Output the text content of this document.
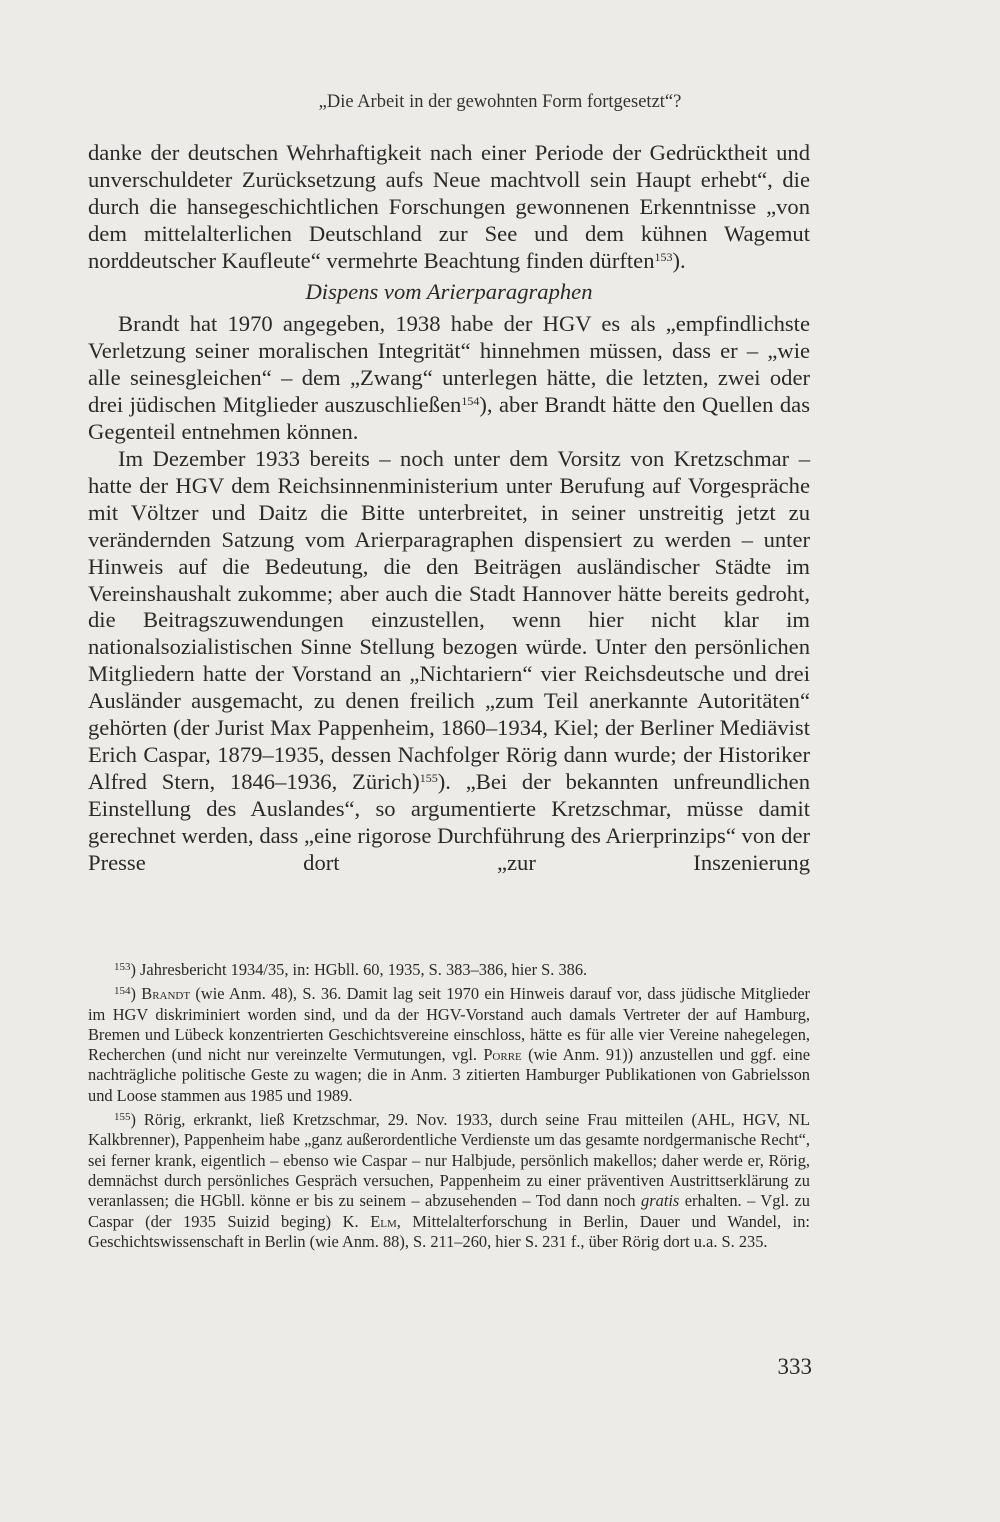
„Die Arbeit in der gewohnten Form fortgesetzt“?

danke der deutschen Wehrhaftigkeit nach einer Periode der Gedrücktheit und unverschuldeter Zurücksetzung aufs Neue machtvoll sein Haupt erhebt“, die durch die hansegeschichtlichen Forschungen gewonnenen Erkenntnisse „von dem mittelalterlichen Deutschland zur See und dem kühnen Wagemut norddeutscher Kaufleute“ vermehrte Beachtung finden dürften$^{153}$).

Dispens vom Arierparagraphen

Brandt hat 1970 angegeben, 1938 habe der HGV es als „empfindlichste Verletzung seiner moralischen Integrität“ hinnehmen müssen, dass er – „wie alle seinesgleichen“ – dem „Zwang“ unterlegen hätte, die letzten, zwei oder drei jüdischen Mitglieder auszuschließen$^{154}$), aber Brandt hätte den Quellen das Gegenteil entnehmen können.

Im Dezember 1933 bereits – noch unter dem Vorsitz von Kretzschmar – hatte der HGV dem Reichsinnenministerium unter Berufung auf Vorgespräche mit Völtzer und Daitz die Bitte unterbreitet, in seiner unstreitig jetzt zu verändernden Satzung vom Arierparagraphen dispensiert zu werden – unter Hinweis auf die Bedeutung, die den Beiträgen ausländischer Städte im Vereinshaushalt zukomme; aber auch die Stadt Hannover hätte bereits gedroht, die Beitragszuwendungen einzustellen, wenn hier nicht klar im nationalsozialistischen Sinne Stellung bezogen würde. Unter den persönlichen Mitgliedern hatte der Vorstand an „Nichtariern“ vier Reichsdeutsche und drei Ausländer ausgemacht, zu denen freilich „zum Teil anerkannte Autoritäten“ gehörten (der Jurist Max Pappenheim, 1860–1934, Kiel; der Berliner Mediävist Erich Caspar, 1879–1935, dessen Nachfolger Rörig dann wurde; der Historiker Alfred Stern, 1846–1936, Zürich)$^{155}$). „Bei der bekannten unfreundlichen Einstellung des Auslandes“, so argumentierte Kretzschmar, müsse damit gerechnet werden, dass „eine rigorose Durchführung des Arierprinzips“ von der Presse dort „zur Inszenierung

$^{153}$) Jahresbericht 1934/35, in: HGbll. 60, 1935, S. 383–386, hier S. 386.

$^{154}$) Brandt (wie Anm. 48), S. 36. Damit lag seit 1970 ein Hinweis darauf vor, dass jüdische Mitglieder im HGV diskriminiert worden sind, und da der HGV-Vorstand auch damals Vertreter der auf Hamburg, Bremen und Lübeck konzentrierten Geschichtsvereine einschloss, hätte es für alle vier Vereine nahegelegen, Recherchen (und nicht nur vereinzelte Vermutungen, vgl. Porre (wie Anm. 91)) anzustellen und ggf. eine nachträgliche politische Geste zu wagen; die in Anm. 3 zitierten Hamburger Publikationen von Gabrielsson und Loose stammen aus 1985 und 1989.

$^{155}$) Rörig, erkrankt, ließ Kretzschmar, 29. Nov. 1933, durch seine Frau mitteilen (AHL, HGV, NL Kalkbrenner), Pappenheim habe „ganz außerordentliche Verdienste um das gesamte nordgermanische Recht“, sei ferner krank, eigentlich – ebenso wie Caspar – nur Halbjude, persönlich makellos; daher werde er, Rörig, demnächst durch persönliches Gespräch versuchen, Pappenheim zu einer präventiven Austrittserklärung zu veranlassen; die HGbll. könne er bis zu seinem – abzusehenden – Tod dann noch gratis erhalten. – Vgl. zu Caspar (der 1935 Suizid beging) K. Elm, Mittelalterforschung in Berlin, Dauer und Wandel, in: Geschichtswissenschaft in Berlin (wie Anm. 88), S. 211–260, hier S. 231 f., über Rörig dort u.a. S. 235.

333
